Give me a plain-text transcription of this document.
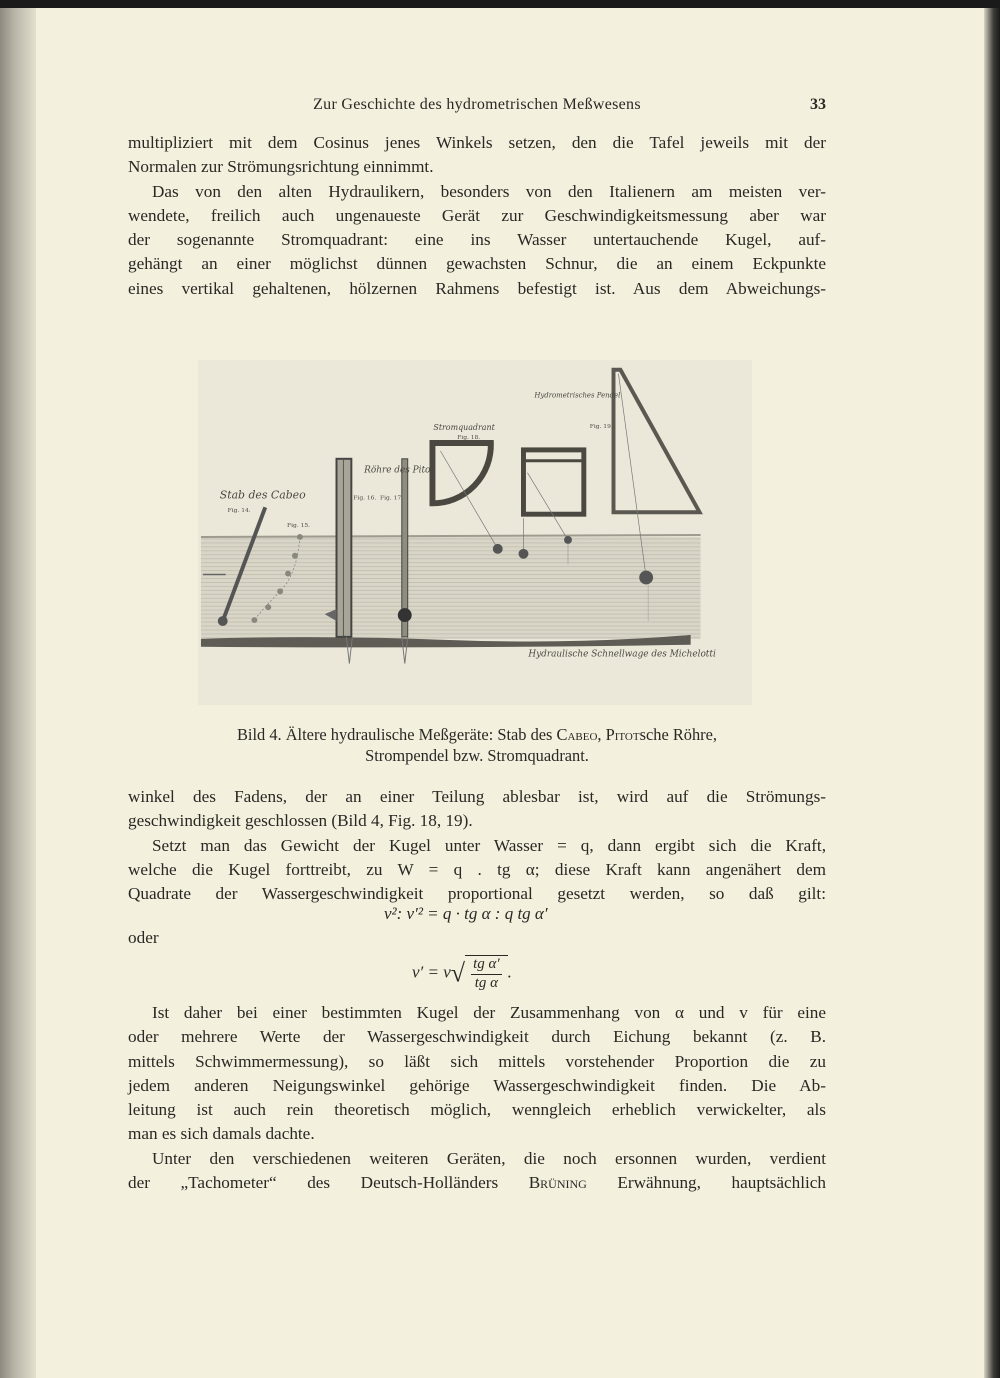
Zur Geschichte des hydrometrischen Meßwesens	33
multipliziert mit dem Cosinus jenes Winkels setzen, den die Tafel jeweils mit der
Normalen zur Strömungsrichtung einnimmt.
Das von den alten Hydraulikern, besonders von den Italienern am meisten ver-
wendete, freilich auch ungenaueste Gerät zur Geschwindigkeitsmessung aber war
der sogenannte Stromquadrant: eine ins Wasser untertauchende Kugel, auf-
gehängt an einer möglichst dünnen gewachsten Schnur, die an einem Eckpunkte
eines vertikal gehaltenen, hölzernen Rahmens befestigt ist. Aus dem Abweichungs-
Stab des Cabeo
Fig. 14.
Fig. 15.
Fig. 16. Fig. 17.
Röhre des Pitot
Stromquadrant
Fig. 18.
Hydrometrisches Pendel
Fig. 19.
Hydraulische Schnellwage des Michelotti
Bild 4. Ältere hydraulische Meßgeräte: Stab des Cabeo, Pitotsche Röhre,
Strompendel bzw. Stromquadrant.
winkel des Fadens, der an einer Teilung ablesbar ist, wird auf die Strömungs-
geschwindigkeit geschlossen (Bild 4, Fig. 18, 19).
Setzt man das Gewicht der Kugel unter Wasser = q, dann ergibt sich die Kraft,
welche die Kugel forttreibt, zu W = q . tg α; diese Kraft kann angenähert dem
Quadrate der Wassergeschwindigkeit proportional gesetzt werden, so daß gilt:
v²: v′² = q · tg α : q tg α′
oder
$v' = v√ \frac{\text{tg α′}}{\text{tg α}}$ .
Ist daher bei einer bestimmten Kugel der Zusammenhang von α und v für eine
oder mehrere Werte der Wassergeschwindigkeit durch Eichung bekannt (z. B.
mittels Schwimmermessung), so läßt sich mittels vorstehender Proportion die zu
jedem anderen Neigungswinkel gehörige Wassergeschwindigkeit finden. Die Ab-
leitung ist auch rein theoretisch möglich, wenngleich erheblich verwickelter, als
man es sich damals dachte.
Unter den verschiedenen weiteren Geräten, die noch ersonnen wurden, verdient
der „Tachometer“ des Deutsch-Holländers Brüning Erwähnung, hauptsächlich
